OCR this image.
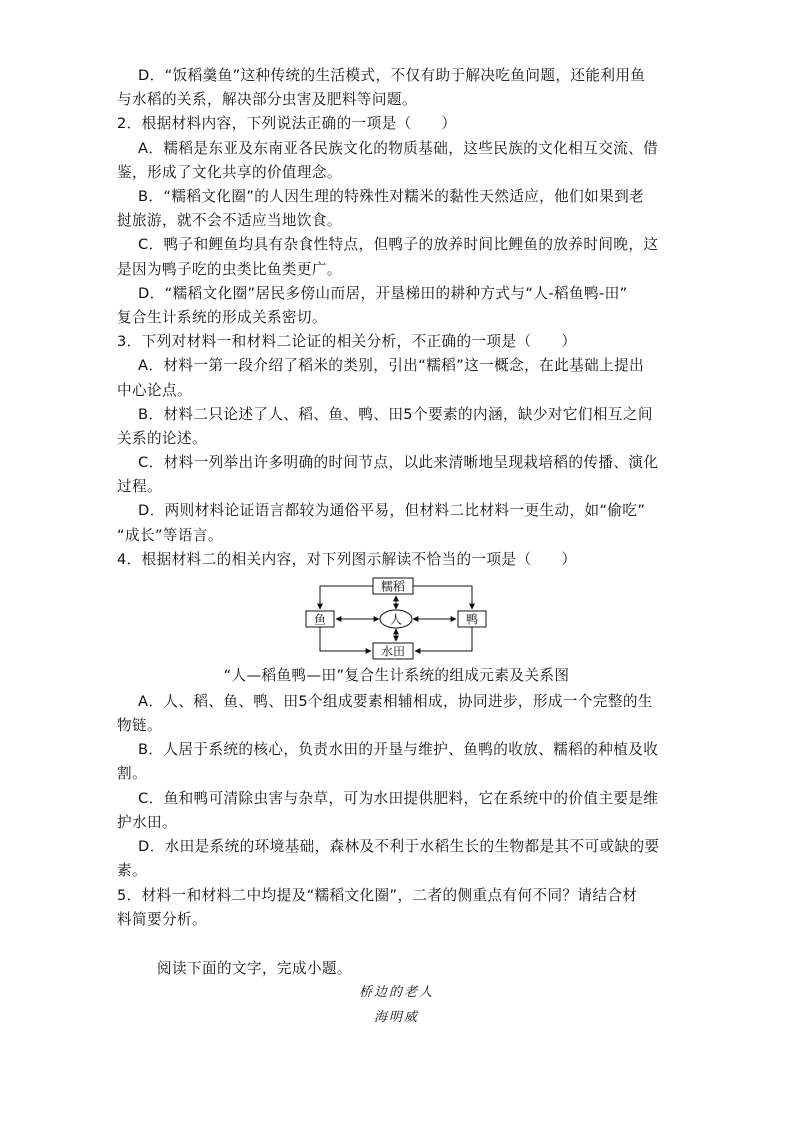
D．“饭稻羹鱼”这种传统的生活模式，不仅有助于解决吃鱼问题，还能利用鱼
与水稻的关系，解决部分虫害及肥料等问题。
2．根据材料内容，下列说法正确的一项是（　　）
A．糯稻是东亚及东南亚各民族文化的物质基础，这些民族的文化相互交流、借
鉴，形成了文化共享的价值理念。
B．“糯稻文化圈”的人因生理的特殊性对糯米的黏性天然适应，他们如果到老
挝旅游，就不会不适应当地饮食。
C．鸭子和鲤鱼均具有杂食性特点，但鸭子的放养时间比鲤鱼的放养时间晚，这
是因为鸭子吃的虫类比鱼类更广。
D．“糯稻文化圈”居民多傍山而居，开垦梯田的耕种方式与“人-稻鱼鸭-田”
复合生计系统的形成关系密切。
3．下列对材料一和材料二论证的相关分析，不正确的一项是（　　）
A．材料一第一段介绍了稻米的类别，引出“糯稻”这一概念，在此基础上提出
中心论点。
B．材料二只论述了人、稻、鱼、鸭、田5个要素的内涵，缺少对它们相互之间
关系的论述。
C．材料一列举出许多明确的时间节点，以此来清晰地呈现栽培稻的传播、演化
过程。
D．两则材料论证语言都较为通俗平易，但材料二比材料一更生动，如“偷吃”
“成长”等语言。
4．根据材料二的相关内容，对下列图示解读不恰当的一项是（　　）
糯稻
鱼	人	鸭
水田
“人—稻鱼鸭—田”复合生计系统的组成元素及关系图
A．人、稻、鱼、鸭、田5个组成要素相辅相成，协同进步，形成一个完整的生
物链。
B．人居于系统的核心，负责水田的开垦与维护、鱼鸭的收放、糯稻的种植及收
割。
C．鱼和鸭可清除虫害与杂草，可为水田提供肥料，它在系统中的价值主要是维
护水田。
D．水田是系统的环境基础，森林及不利于水稻生长的生物都是其不可或缺的要
素。
5．材料一和材料二中均提及“糯稻文化圈”，二者的侧重点有何不同？请结合材
料简要分析。
阅读下面的文字，完成小题。
桥边的老人
海明威
